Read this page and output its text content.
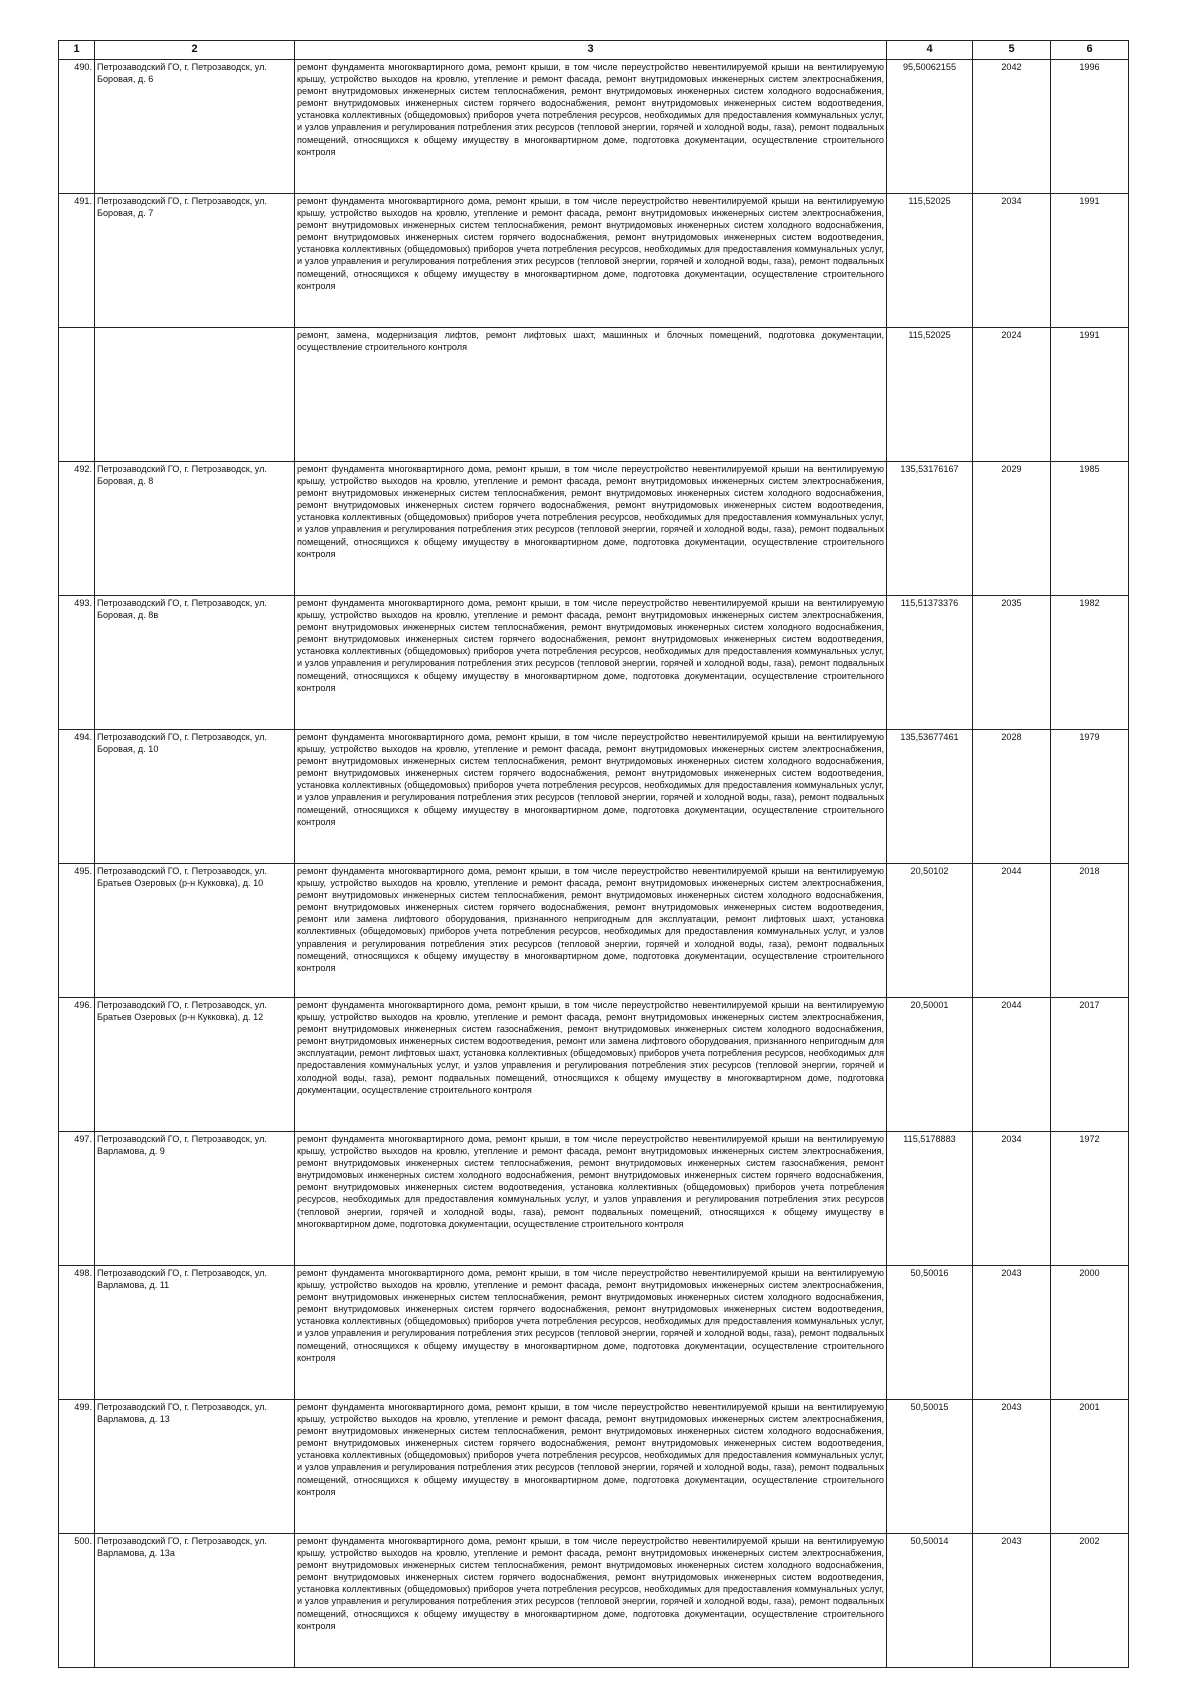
1	2	3	4	5	6
490.	Петрозаводский ГО, г. Петрозаводск, ул. Боровая, д. 6	ремонт фундамента многоквартирного дома, ремонт крыши, в том числе переустройство невентилируемой крыши на вентилируемую крышу, устройство выходов на кровлю, утепление и ремонт фасада, ремонт внутридомовых инженерных систем электроснабжения, ремонт внутридомовых инженерных систем теплоснабжения, ремонт внутридомовых инженерных систем холодного водоснабжения, ремонт внутридомовых инженерных систем горячего водоснабжения, ремонт внутридомовых инженерных систем водоотведения, установка коллективных (общедомовых) приборов учета потребления ресурсов, необходимых для предоставления коммунальных услуг, и узлов управления и регулирования потребления этих ресурсов (тепловой энергии, горячей и холодной воды, газа), ремонт подвальных помещений, относящихся к общему имуществу в многоквартирном доме, подготовка документации, осуществление строительного контроля	95,50062155	2042	1996
491.	Петрозаводский ГО, г. Петрозаводск, ул. Боровая, д. 7	ремонт фундамента многоквартирного дома, ремонт крыши, в том числе переустройство невентилируемой крыши на вентилируемую крышу, устройство выходов на кровлю, утепление и ремонт фасада, ремонт внутридомовых инженерных систем электроснабжения, ремонт внутридомовых инженерных систем теплоснабжения, ремонт внутридомовых инженерных систем холодного водоснабжения, ремонт внутридомовых инженерных систем горячего водоснабжения, ремонт внутридомовых инженерных систем водоотведения, установка коллективных (общедомовых) приборов учета потребления ресурсов, необходимых для предоставления коммунальных услуг, и узлов управления и регулирования потребления этих ресурсов (тепловой энергии, горячей и холодной воды, газа), ремонт подвальных помещений, относящихся к общему имуществу в многоквартирном доме, подготовка документации, осуществление строительного контроля	115,52025	2034	1991
		ремонт, замена, модернизация лифтов, ремонт лифтовых шахт, машинных и блочных помещений, подготовка документации, осуществление строительного контроля	115,52025	2024	1991
492.	Петрозаводский ГО, г. Петрозаводск, ул. Боровая, д. 8	ремонт фундамента многоквартирного дома, ремонт крыши, в том числе переустройство невентилируемой крыши на вентилируемую крышу, устройство выходов на кровлю, утепление и ремонт фасада, ремонт внутридомовых инженерных систем электроснабжения, ремонт внутридомовых инженерных систем теплоснабжения, ремонт внутридомовых инженерных систем холодного водоснабжения, ремонт внутридомовых инженерных систем горячего водоснабжения, ремонт внутридомовых инженерных систем водоотведения, установка коллективных (общедомовых) приборов учета потребления ресурсов, необходимых для предоставления коммунальных услуг, и узлов управления и регулирования потребления этих ресурсов (тепловой энергии, горячей и холодной воды, газа), ремонт подвальных помещений, относящихся к общему имуществу в многоквартирном доме, подготовка документации, осуществление строительного контроля	135,53176167	2029	1985
493.	Петрозаводский ГО, г. Петрозаводск, ул. Боровая, д. 8в	ремонт фундамента многоквартирного дома, ремонт крыши, в том числе переустройство невентилируемой крыши на вентилируемую крышу, устройство выходов на кровлю, утепление и ремонт фасада, ремонт внутридомовых инженерных систем электроснабжения, ремонт внутридомовых инженерных систем теплоснабжения, ремонт внутридомовых инженерных систем холодного водоснабжения, ремонт внутридомовых инженерных систем горячего водоснабжения, ремонт внутридомовых инженерных систем водоотведения, установка коллективных (общедомовых) приборов учета потребления ресурсов, необходимых для предоставления коммунальных услуг, и узлов управления и регулирования потребления этих ресурсов (тепловой энергии, горячей и холодной воды, газа), ремонт подвальных помещений, относящихся к общему имуществу в многоквартирном доме, подготовка документации, осуществление строительного контроля	115,51373376	2035	1982
494.	Петрозаводский ГО, г. Петрозаводск, ул. Боровая, д. 10	ремонт фундамента многоквартирного дома, ремонт крыши, в том числе переустройство невентилируемой крыши на вентилируемую крышу, устройство выходов на кровлю, утепление и ремонт фасада, ремонт внутридомовых инженерных систем электроснабжения, ремонт внутридомовых инженерных систем теплоснабжения, ремонт внутридомовых инженерных систем холодного водоснабжения, ремонт внутридомовых инженерных систем горячего водоснабжения, ремонт внутридомовых инженерных систем водоотведения, установка коллективных (общедомовых) приборов учета потребления ресурсов, необходимых для предоставления коммунальных услуг, и узлов управления и регулирования потребления этих ресурсов (тепловой энергии, горячей и холодной воды, газа), ремонт подвальных помещений, относящихся к общему имуществу в многоквартирном доме, подготовка документации, осуществление строительного контроля	135,53677461	2028	1979
495.	Петрозаводский ГО, г. Петрозаводск, ул. Братьев Озеровых (р-н Кукковка), д. 10	ремонт фундамента многоквартирного дома, ремонт крыши, в том числе переустройство невентилируемой крыши на вентилируемую крышу, устройство выходов на кровлю, утепление и ремонт фасада, ремонт внутридомовых инженерных систем электроснабжения, ремонт внутридомовых инженерных систем теплоснабжения, ремонт внутридомовых инженерных систем холодного водоснабжения, ремонт внутридомовых инженерных систем горячего водоснабжения, ремонт внутридомовых инженерных систем водоотведения, ремонт или замена лифтового оборудования, признанного непригодным для эксплуатации, ремонт лифтовых шахт, установка коллективных (общедомовых) приборов учета потребления ресурсов, необходимых для предоставления коммунальных услуг, и узлов управления и регулирования потребления этих ресурсов (тепловой энергии, горячей и холодной воды, газа), ремонт подвальных помещений, относящихся к общему имуществу в многоквартирном доме, подготовка документации, осуществление строительного контроля	20,50102	2044	2018
496.	Петрозаводский ГО, г. Петрозаводск, ул. Братьев Озеровых (р-н Кукковка), д. 12	ремонт фундамента многоквартирного дома, ремонт крыши, в том числе переустройство невентилируемой крыши на вентилируемую крышу, устройство выходов на кровлю, утепление и ремонт фасада, ремонт внутридомовых инженерных систем электроснабжения, ремонт внутридомовых инженерных систем газоснабжения, ремонт внутридомовых инженерных систем холодного водоснабжения, ремонт внутридомовых инженерных систем водоотведения, ремонт или замена лифтового оборудования, признанного непригодным для эксплуатации, ремонт лифтовых шахт, установка коллективных (общедомовых) приборов учета потребления ресурсов, необходимых для предоставления коммунальных услуг, и узлов управления и регулирования потребления этих ресурсов (тепловой энергии, горячей и холодной воды, газа), ремонт подвальных помещений, относящихся к общему имуществу в многоквартирном доме, подготовка документации, осуществление строительного контроля	20,50001	2044	2017
497.	Петрозаводский ГО, г. Петрозаводск, ул. Варламова, д. 9	ремонт фундамента многоквартирного дома, ремонт крыши, в том числе переустройство невентилируемой крыши на вентилируемую крышу, устройство выходов на кровлю, утепление и ремонт фасада, ремонт внутридомовых инженерных систем электроснабжения, ремонт внутридомовых инженерных систем теплоснабжения, ремонт внутридомовых инженерных систем газоснабжения, ремонт внутридомовых инженерных систем холодного водоснабжения, ремонт внутридомовых инженерных систем горячего водоснабжения, ремонт внутридомовых инженерных систем водоотведения, установка коллективных (общедомовых) приборов учета потребления ресурсов, необходимых для предоставления коммунальных услуг, и узлов управления и регулирования потребления этих ресурсов (тепловой энергии, горячей и холодной воды, газа), ремонт подвальных помещений, относящихся к общему имуществу в многоквартирном доме, подготовка документации, осуществление строительного контроля	115,5178883	2034	1972
498.	Петрозаводский ГО, г. Петрозаводск, ул. Варламова, д. 11	ремонт фундамента многоквартирного дома, ремонт крыши, в том числе переустройство невентилируемой крыши на вентилируемую крышу, устройство выходов на кровлю, утепление и ремонт фасада, ремонт внутридомовых инженерных систем электроснабжения, ремонт внутридомовых инженерных систем теплоснабжения, ремонт внутридомовых инженерных систем холодного водоснабжения, ремонт внутридомовых инженерных систем горячего водоснабжения, ремонт внутридомовых инженерных систем водоотведения, установка коллективных (общедомовых) приборов учета потребления ресурсов, необходимых для предоставления коммунальных услуг, и узлов управления и регулирования потребления этих ресурсов (тепловой энергии, горячей и холодной воды, газа), ремонт подвальных помещений, относящихся к общему имуществу в многоквартирном доме, подготовка документации, осуществление строительного контроля	50,50016	2043	2000
499.	Петрозаводский ГО, г. Петрозаводск, ул. Варламова, д. 13	ремонт фундамента многоквартирного дома, ремонт крыши, в том числе переустройство невентилируемой крыши на вентилируемую крышу, устройство выходов на кровлю, утепление и ремонт фасада, ремонт внутридомовых инженерных систем электроснабжения, ремонт внутридомовых инженерных систем теплоснабжения, ремонт внутридомовых инженерных систем холодного водоснабжения, ремонт внутридомовых инженерных систем горячего водоснабжения, ремонт внутридомовых инженерных систем водоотведения, установка коллективных (общедомовых) приборов учета потребления ресурсов, необходимых для предоставления коммунальных услуг, и узлов управления и регулирования потребления этих ресурсов (тепловой энергии, горячей и холодной воды, газа), ремонт подвальных помещений, относящихся к общему имуществу в многоквартирном доме, подготовка документации, осуществление строительного контроля	50,50015	2043	2001
500.	Петрозаводский ГО, г. Петрозаводск, ул. Варламова, д. 13а	ремонт фундамента многоквартирного дома, ремонт крыши, в том числе переустройство невентилируемой крыши на вентилируемую крышу, устройство выходов на кровлю, утепление и ремонт фасада, ремонт внутридомовых инженерных систем электроснабжения, ремонт внутридомовых инженерных систем теплоснабжения, ремонт внутридомовых инженерных систем холодного водоснабжения, ремонт внутридомовых инженерных систем горячего водоснабжения, ремонт внутридомовых инженерных систем водоотведения, установка коллективных (общедомовых) приборов учета потребления ресурсов, необходимых для предоставления коммунальных услуг, и узлов управления и регулирования потребления этих ресурсов (тепловой энергии, горячей и холодной воды, газа), ремонт подвальных помещений, относящихся к общему имуществу в многоквартирном доме, подготовка документации, осуществление строительного контроля	50,50014	2043	2002
